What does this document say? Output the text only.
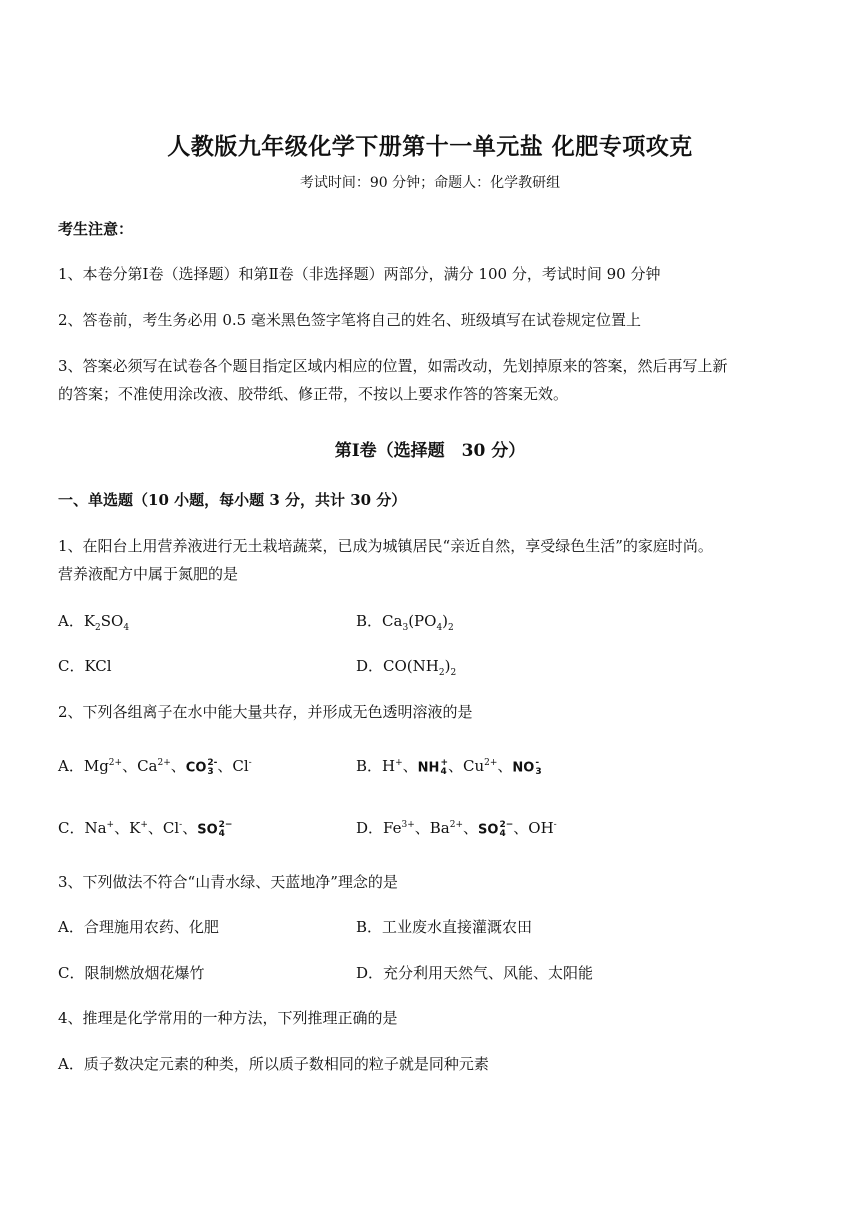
人教版九年级化学下册第十一单元盐 化肥专项攻克
考试时间：90 分钟；命题人：化学教研组
考生注意：
1、本卷分第Ⅰ卷（选择题）和第Ⅱ卷（非选择题）两部分，满分 100 分，考试时间 90 分钟
2、答卷前，考生务必用 0.5 毫米黑色签字笔将自己的姓名、班级填写在试卷规定位置上
3、答案必须写在试卷各个题目指定区域内相应的位置，如需改动，先划掉原来的答案，然后再写上新
的答案；不准使用涂改液、胶带纸、修正带，不按以上要求作答的答案无效。
第Ⅰ卷（选择题　30 分）
一、单选题（10 小题，每小题 3 分，共计 30 分）
1、在阳台上用营养液进行无土栽培蔬菜，已成为城镇居民“亲近自然，享受绿色生活”的家庭时尚。
营养液配方中属于氮肥的是
A．$K_2SO_4$	B．$Ca_3(PO_4)_2$
C．KCl	D．$CO(NH_2)_2$
2、下列各组离子在水中能大量共存，并形成无色透明溶液的是
A．$Mg^{2+}$、$Ca^{2+}$、CO 2-
3 、Cl-	B．H+、NH +
4 、$Cu^{2+}$、NO -
3
C．Na+、K+、Cl-、SO 2−
4	D．$Fe^{3+}$、$Ba^{2+}$、SO 2−
4 、OH-
3、下列做法不符合“山青水绿、天蓝地净”理念的是
A．合理施用农药、化肥	B．工业废水直接灌溉农田
C．限制燃放烟花爆竹	D．充分利用天然气、风能、太阳能
4、推理是化学常用的一种方法，下列推理正确的是
A．质子数决定元素的种类，所以质子数相同的粒子就是同种元素
